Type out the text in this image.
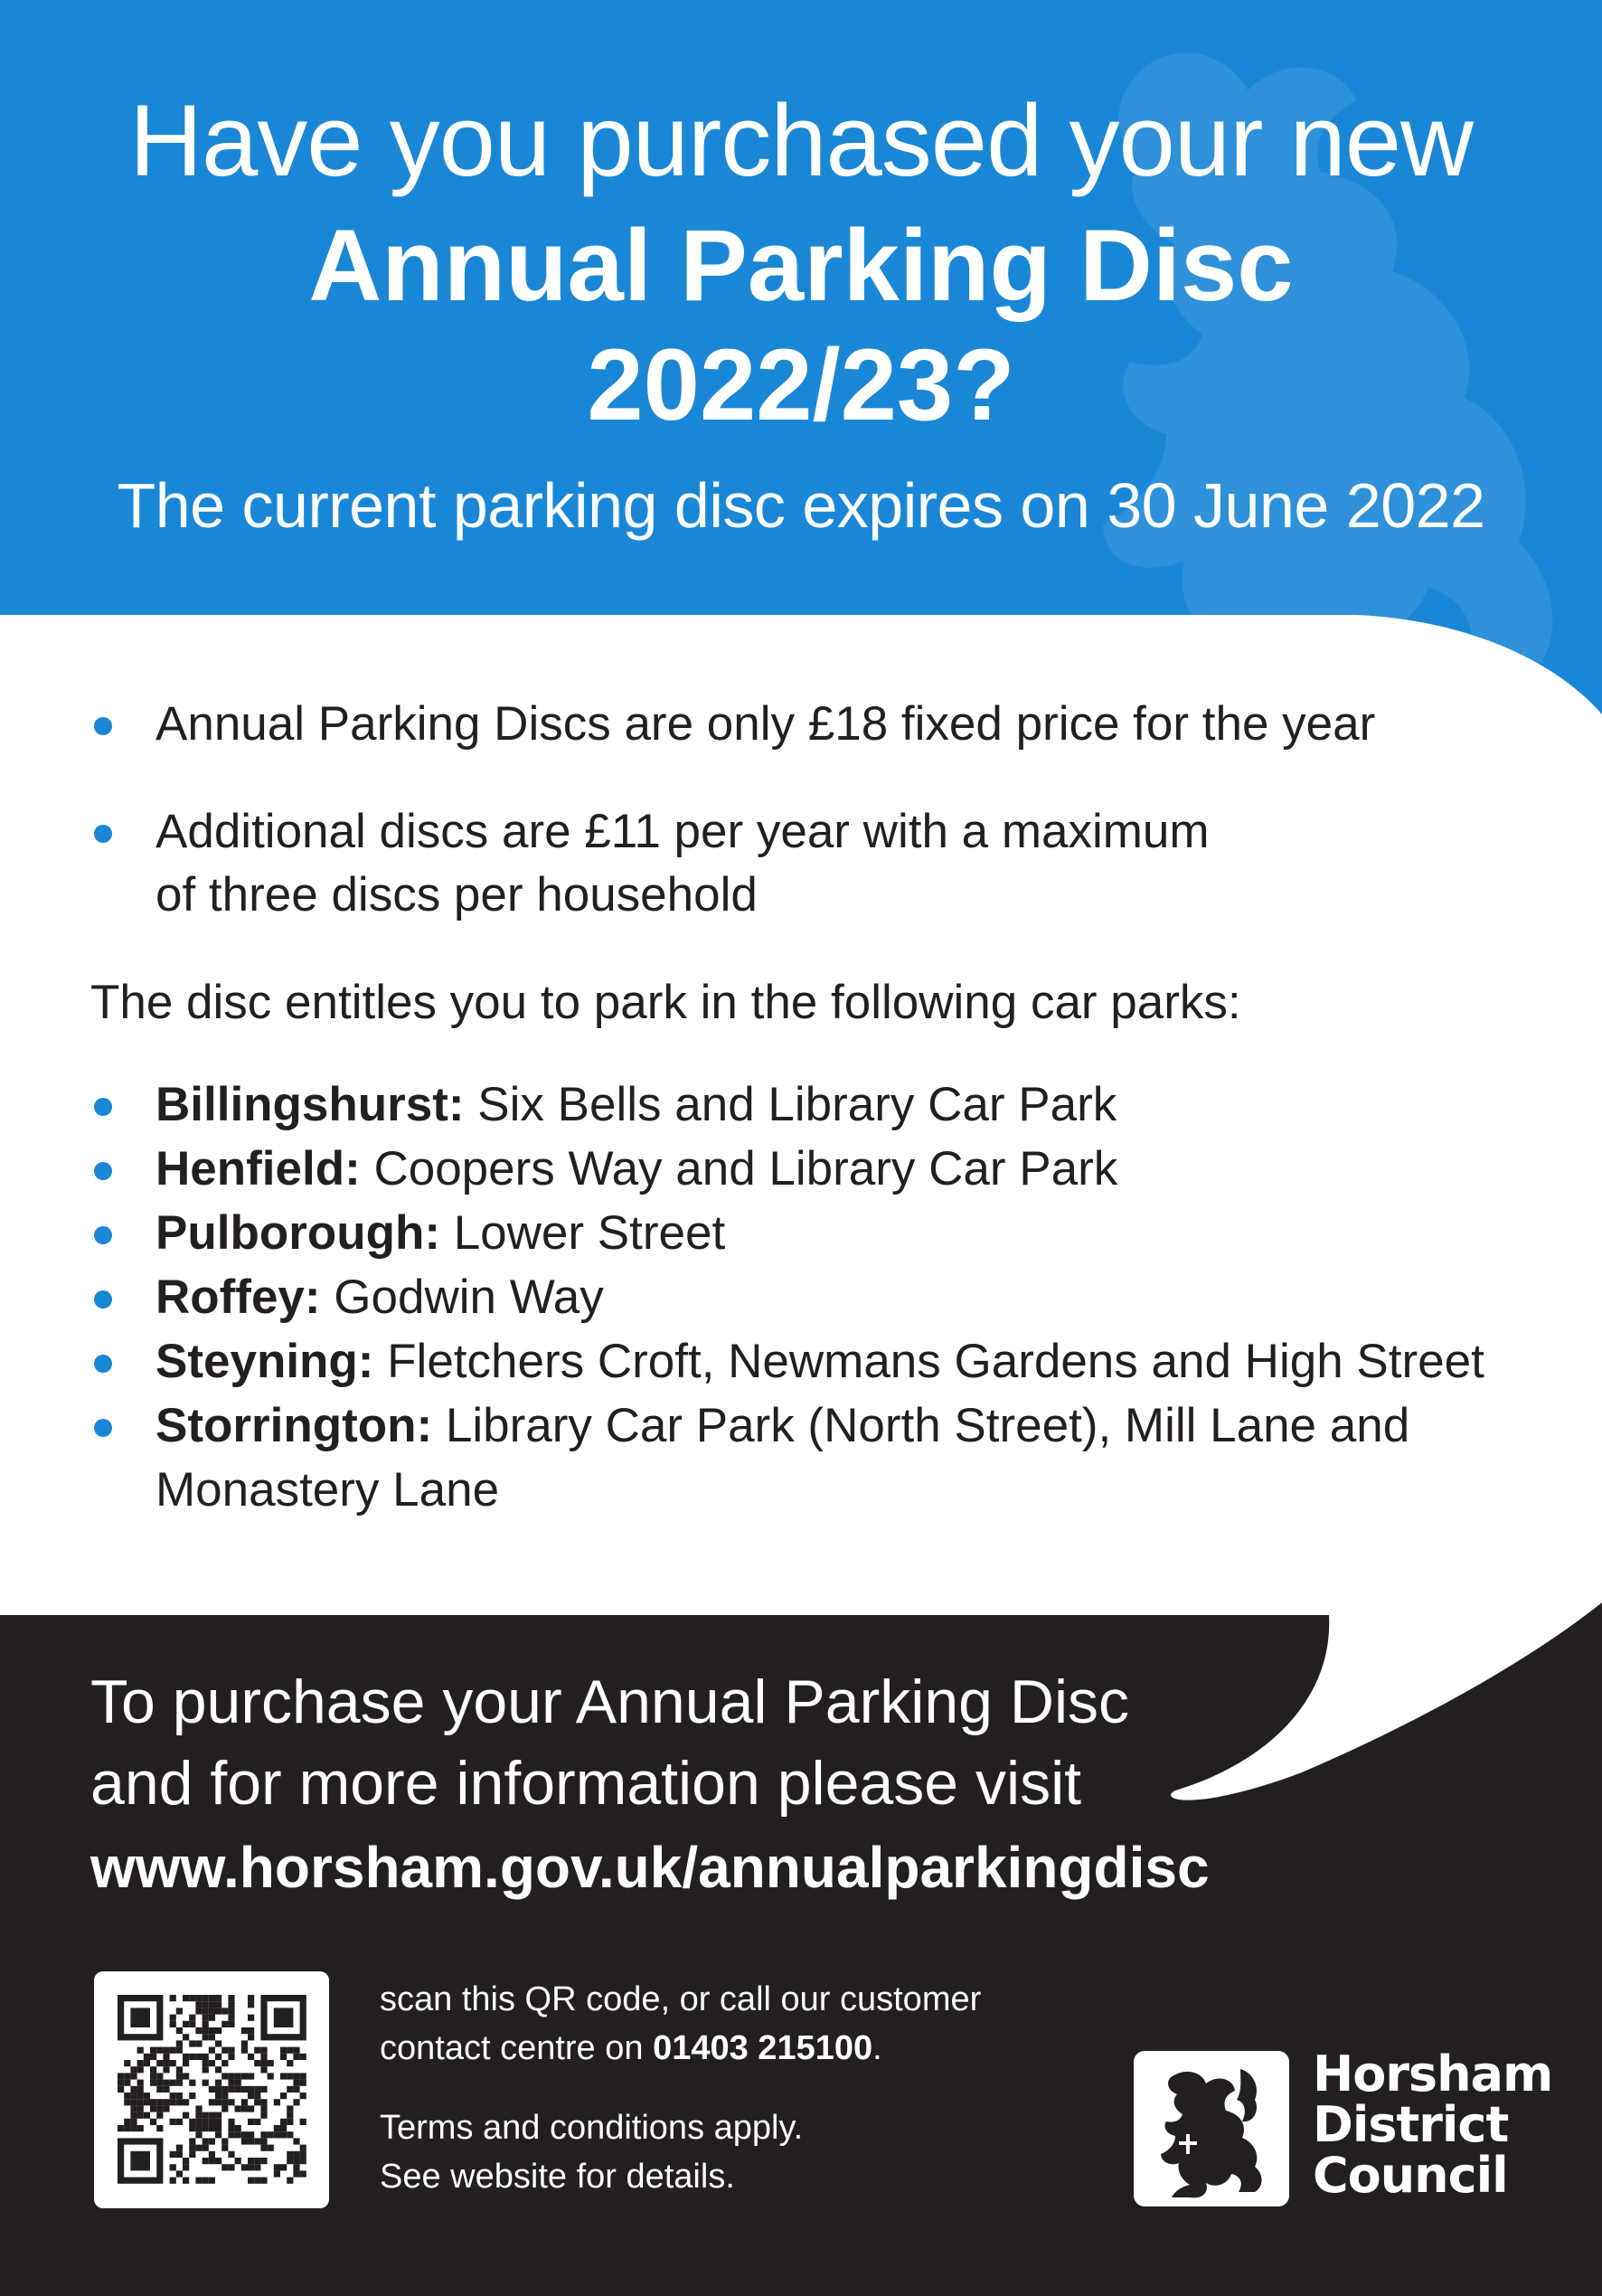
Have you purchased your new
Annual Parking Disc
2022/23?
The current parking disc expires on 30 June 2022
Annual Parking Discs are only £18 fixed price for the year
Additional discs are £11 per year with a maximum
of three discs per household
The disc entitles you to park in the following car parks:
Billingshurst: Six Bells and Library Car Park
Henfield: Coopers Way and Library Car Park
Pulborough: Lower Street
Roffey: Godwin Way
Steyning: Fletchers Croft, Newmans Gardens and High Street
Storrington: Library Car Park (North Street), Mill Lane and
Monastery Lane
To purchase your Annual Parking Disc
and for more information please visit
www.horsham.gov.uk/annualparkingdisc
scan this QR code, or call our customer
contact centre on 01403 215100.
Terms and conditions apply.
See website for details.
Horsham
District
Council
